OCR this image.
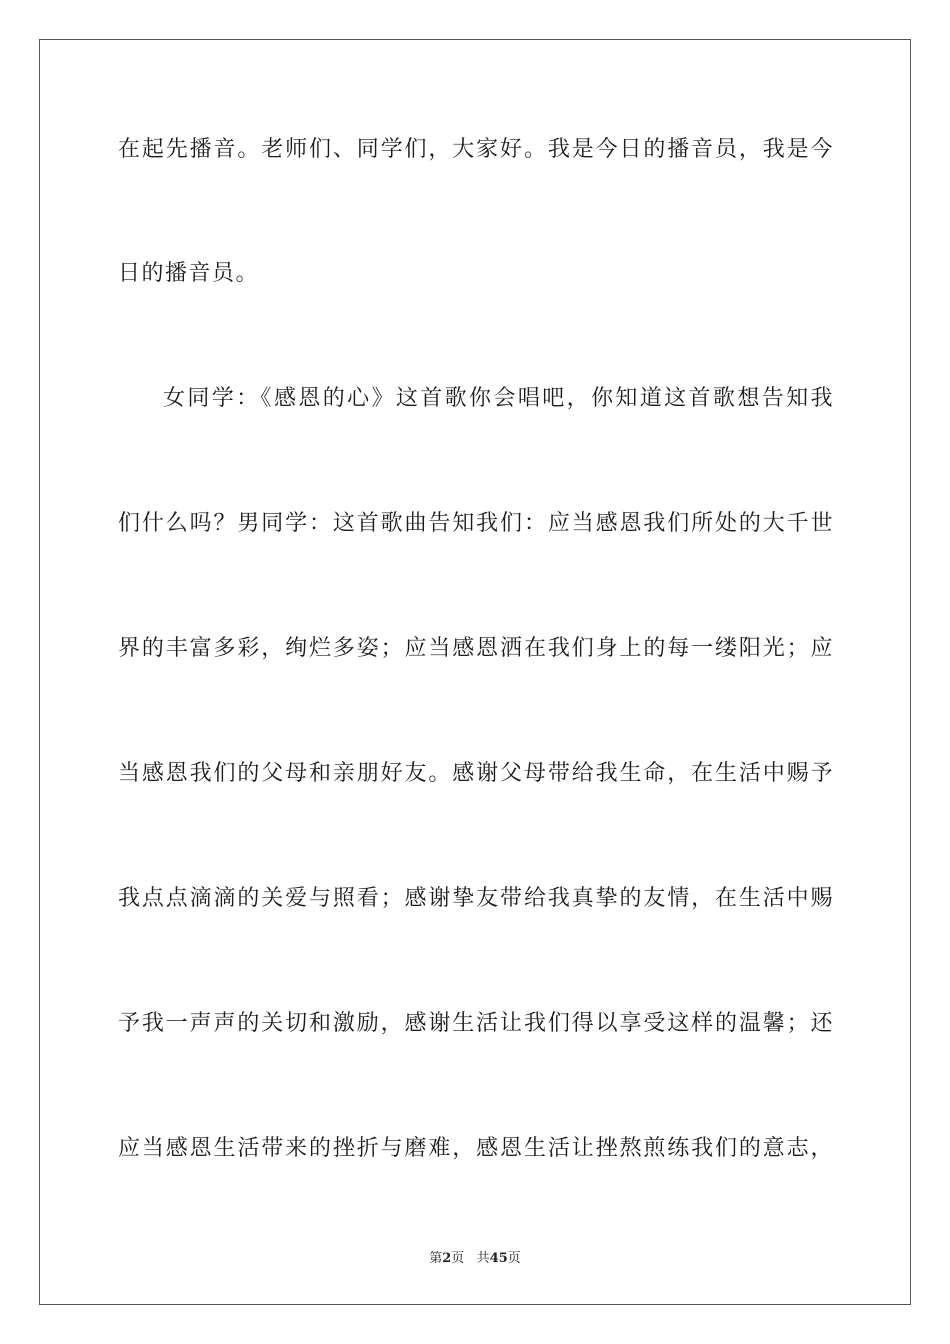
在起先播音。老师们、同学们，大家好。我是今日的播音员，我是今
日的播音员。
女同学：《感恩的心》这首歌你会唱吧，你知道这首歌想告知我
们什么吗？男同学：这首歌曲告知我们：应当感恩我们所处的大千世
界的丰富多彩，绚烂多姿；应当感恩洒在我们身上的每一缕阳光；应
当感恩我们的父母和亲朋好友。感谢父母带给我生命，在生活中赐予
我点点滴滴的关爱与照看；感谢挚友带给我真挚的友情，在生活中赐
予我一声声的关切和激励，感谢生活让我们得以享受这样的温馨；还
应当感恩生活带来的挫折与磨难，感恩生活让挫熬煎练我们的意志，
第2页 共45页
